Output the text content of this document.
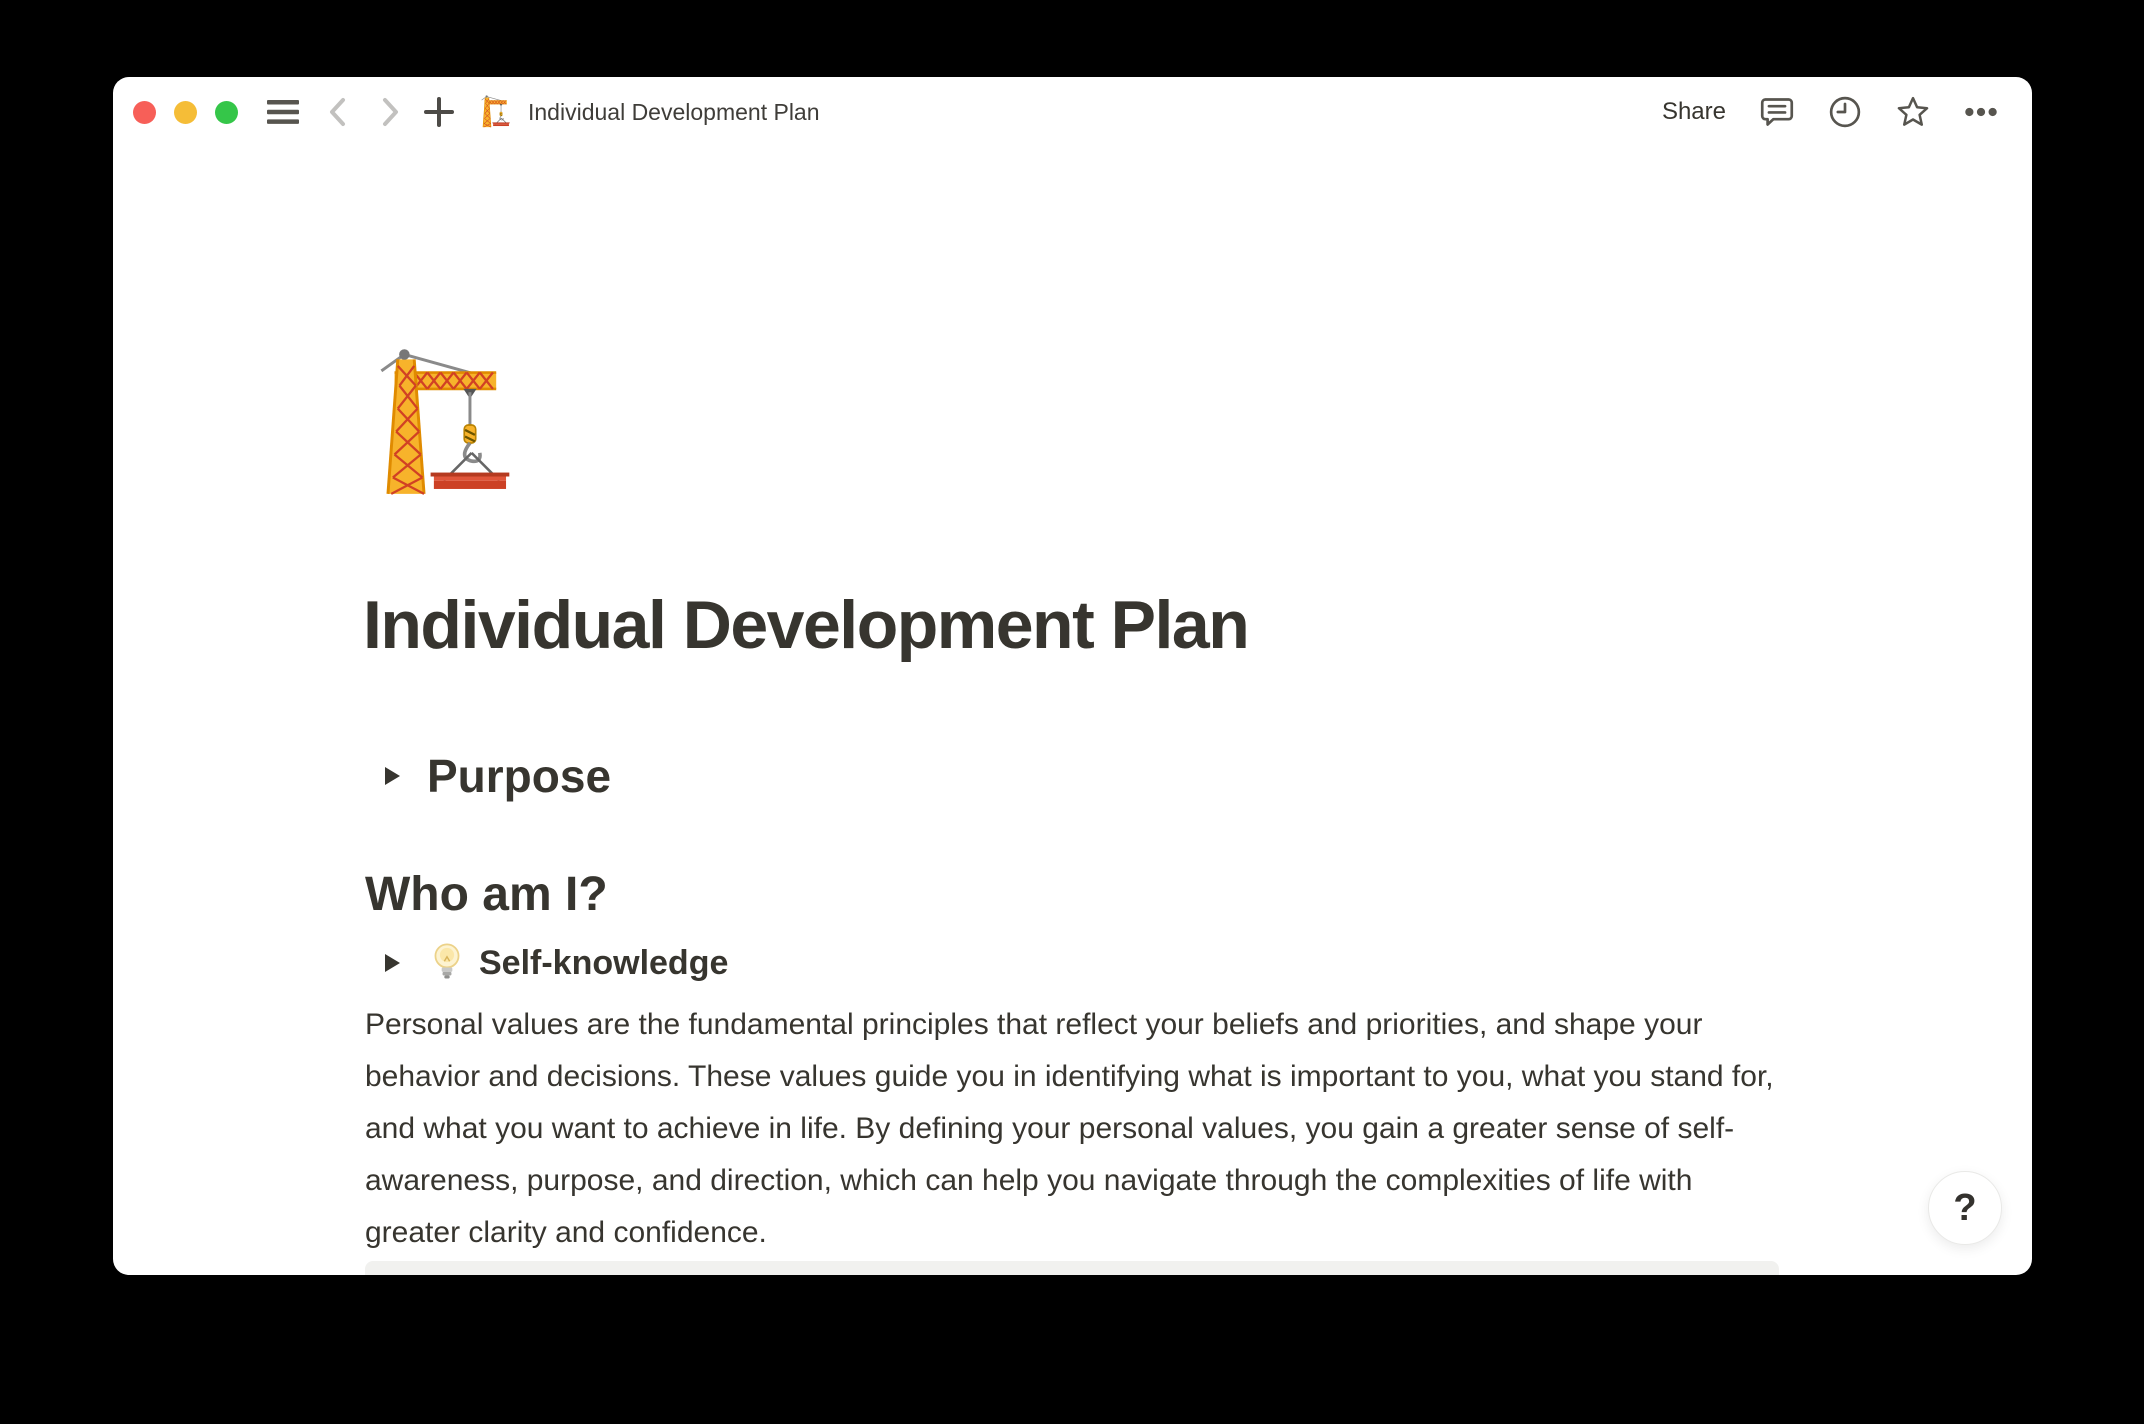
Individual Development Plan	Share
Individual Development Plan
Purpose
Who am I?
Self-knowledge

Personal values are the fundamental principles that reflect your beliefs and priorities, and shape your behavior and decisions. These values guide you in identifying what is important to you, what you stand for, and what you want to achieve in life. By defining your personal values, you gain a greater sense of self-awareness, purpose, and direction, which can help you navigate through the complexities of life with greater clarity and confidence.

?
